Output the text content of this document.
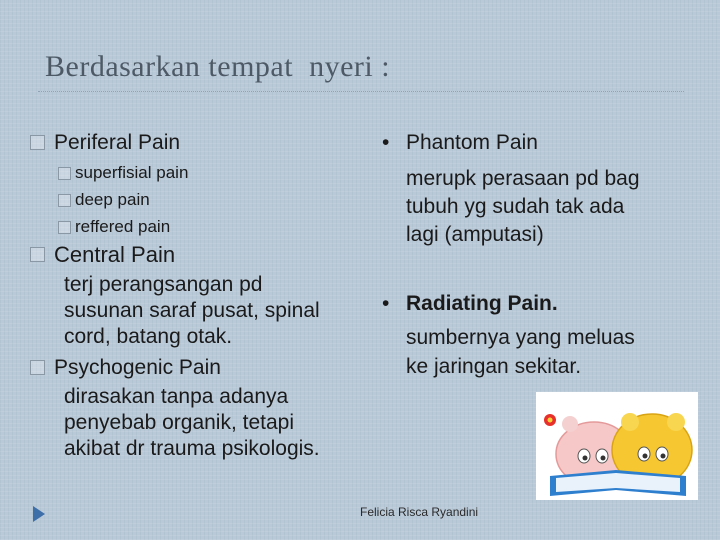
Berdasarkan tempat  nyeri :
Periferal Pain
superfisial pain
deep pain
reffered pain
Central Pain
terj perangsangan pd
susunan saraf pusat, spinal
cord, batang otak.
Psychogenic Pain
dirasakan tanpa adanya
penyebab organik, tetapi
akibat dr trauma psikologis.
• Phantom Pain
merupk perasaan pd bag
tubuh yg sudah tak ada
lagi (amputasi)
• Radiating Pain.
sumbernya yang meluas
ke jaringan sekitar.
Felicia Risca Ryandini
